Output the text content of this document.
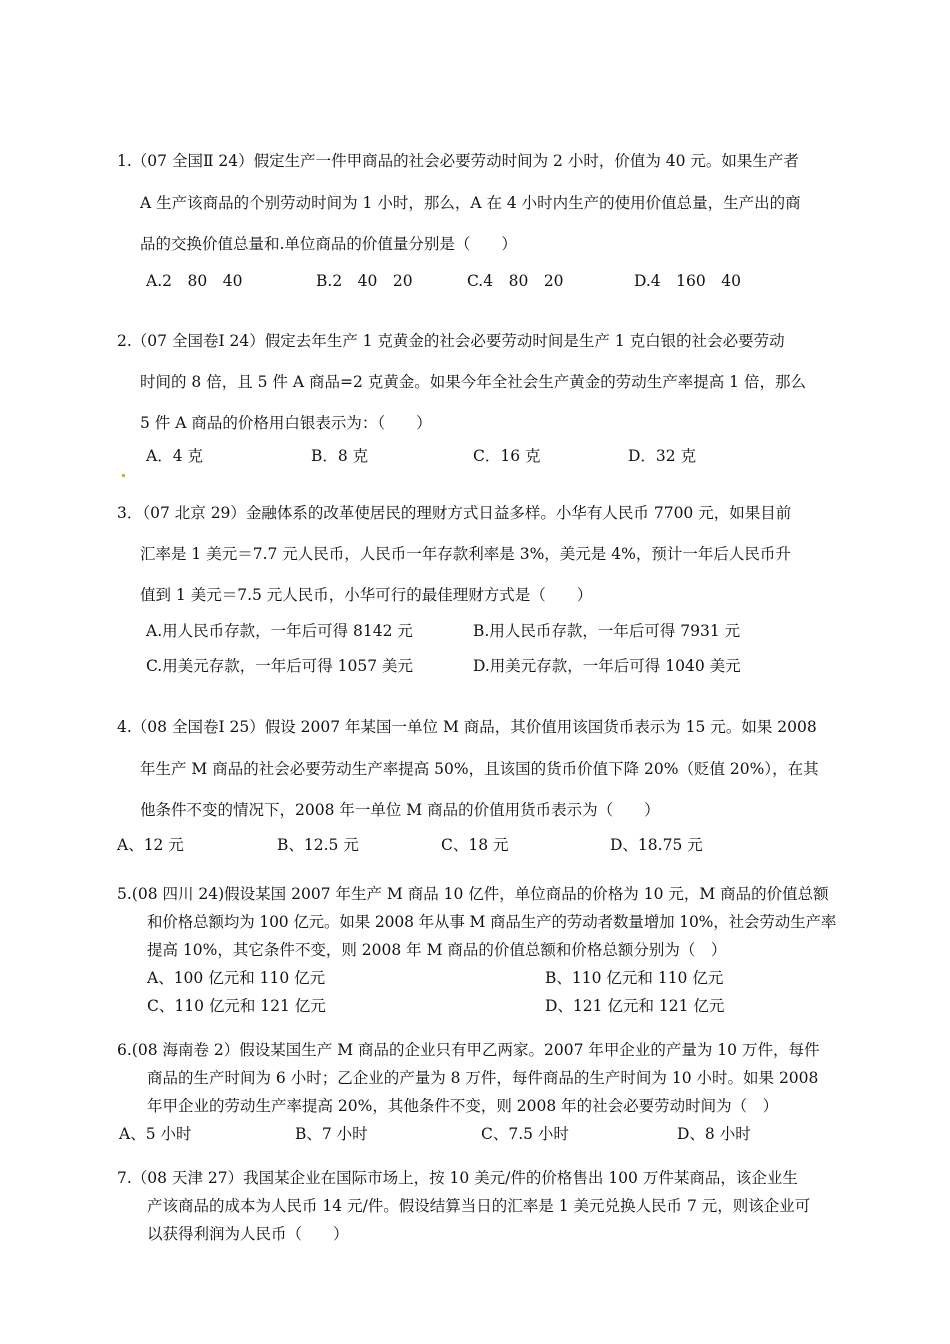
1.（07 全国Ⅱ 24）假定生产一件甲商品的社会必要劳动时间为 2 小时，价值为 40 元。如果生产者
A 生产该商品的个别劳动时间为 1 小时，那么，A 在 4 小时内生产的使用价值总量，生产出的商
品的交换价值总量和.单位商品的价值量分别是（　　）
A.2　80　40	B.2　40　20	C.4　80　20	D.4　160　40
2.（07 全国卷Ⅰ 24）假定去年生产 1 克黄金的社会必要劳动时间是生产 1 克白银的社会必要劳动
时间的 8 倍，且 5 件 A 商品=2 克黄金。如果今年全社会生产黄金的劳动生产率提高 1 倍，那么
5 件 A 商品的价格用白银表示为：（　　）
A．4 克	B．8 克	C．16 克	D．32 克
3．（07 北京 29）金融体系的改革使居民的理财方式日益多样。小华有人民币 7700 元，如果目前
汇率是 1 美元＝7.7 元人民币，人民币一年存款利率是 3%，美元是 4%，预计一年后人民币升
值到 1 美元＝7.5 元人民币，小华可行的最佳理财方式是（　　）
A.用人民币存款，一年后可得 8142 元	B.用人民币存款，一年后可得 7931 元
C.用美元存款，一年后可得 1057 美元	D.用美元存款，一年后可得 1040 美元
4.（08 全国卷Ⅰ 25）假设 2007 年某国一单位 M 商品，其价值用该国货币表示为 15 元。如果 2008
年生产 M 商品的社会必要劳动生产率提高 50%，且该国的货币价值下降 20%（贬值 20%），在其
他条件不变的情况下，2008 年一单位 M 商品的价值用货币表示为（　　）
A、12 元	B、12.5 元	C、18 元	D、18.75 元
5.(08 四川 24)假设某国 2007 年生产 M 商品 10 亿件，单位商品的价格为 10 元，M 商品的价值总额
和价格总额均为 100 亿元。如果 2008 年从事 M 商品生产的劳动者数量增加 10%，社会劳动生产率
提高 10%，其它条件不变，则 2008 年 M 商品的价值总额和价格总额分别为（　）
A、100 亿元和 110 亿元	B、110 亿元和 110 亿元
C、110 亿元和 121 亿元	D、121 亿元和 121 亿元
6.(08 海南卷 2）假设某国生产 M 商品的企业只有甲乙两家。2007 年甲企业的产量为 10 万件，每件
商品的生产时间为 6 小时；乙企业的产量为 8 万件，每件商品的生产时间为 10 小时。如果 2008
年甲企业的劳动生产率提高 20%，其他条件不变，则 2008 年的社会必要劳动时间为（　）
A、5 小时	B、7 小时	C、7.5 小时	D、8 小时
7.（08 天津 27）我国某企业在国际市场上，按 10 美元/件的价格售出 100 万件某商品，该企业生
产该商品的成本为人民币 14 元/件。假设结算当日的汇率是 1 美元兑换人民币 7 元，则该企业可
以获得利润为人民币（　　）
